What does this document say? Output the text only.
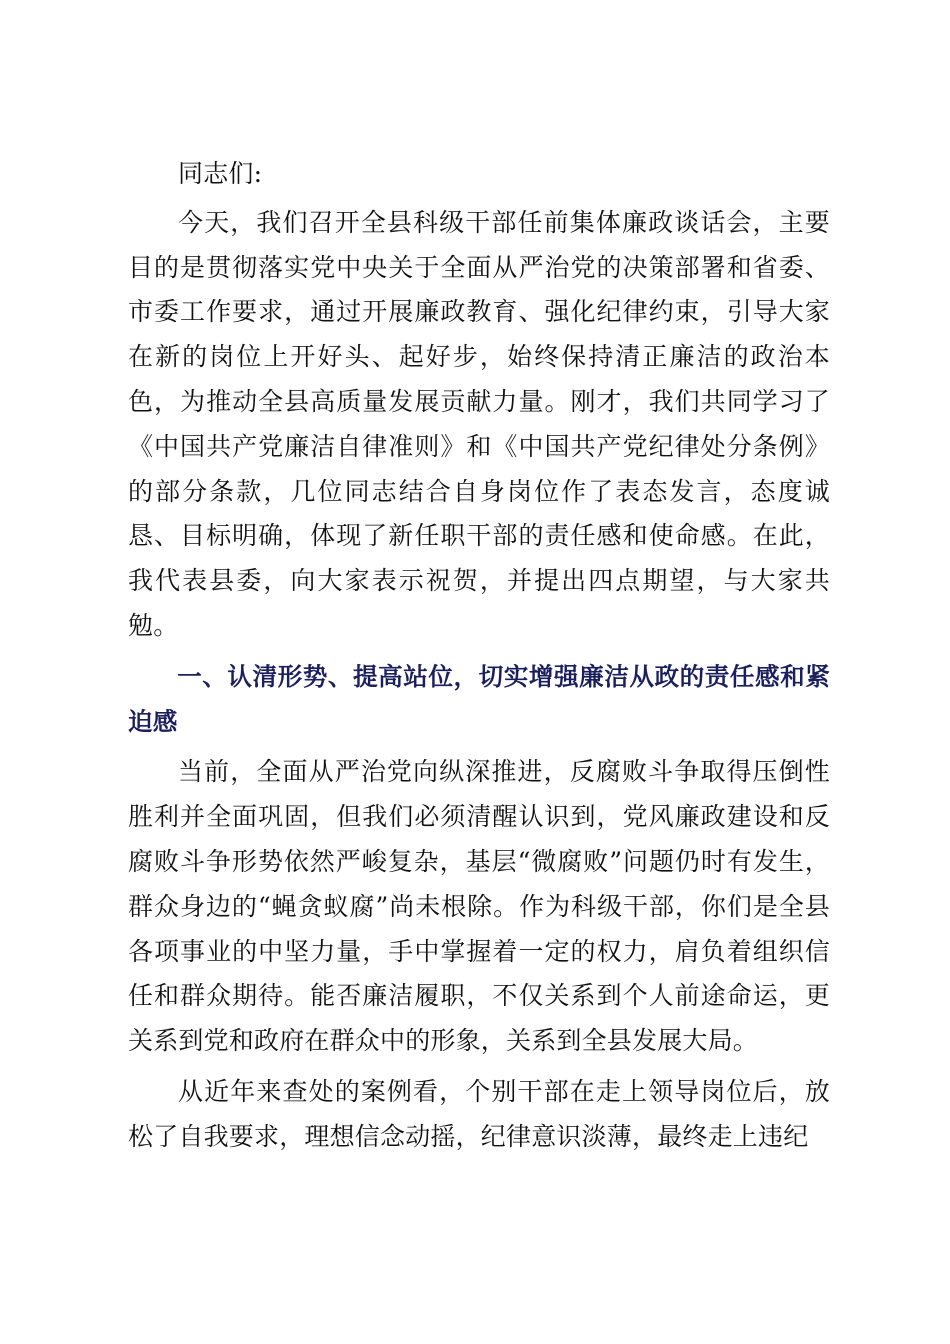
同志们:

今天，我们召开全县科级干部任前集体廉政谈话会，主要目的是贯彻落实党中央关于全面从严治党的决策部署和省委、市委工作要求，通过开展廉政教育、强化纪律约束，引导大家在新的岗位上开好头、起好步，始终保持清正廉洁的政治本色，为推动全县高质量发展贡献力量。刚才，我们共同学习了《中国共产党廉洁自律准则》和《中国共产党纪律处分条例》的部分条款，几位同志结合自身岗位作了表态发言，态度诚恳、目标明确，体现了新任职干部的责任感和使命感。在此，我代表县委，向大家表示祝贺，并提出四点期望，与大家共勉。

一、认清形势、提高站位，切实增强廉洁从政的责任感和紧迫感

当前，全面从严治党向纵深推进，反腐败斗争取得压倒性胜利并全面巩固，但我们必须清醒认识到，党风廉政建设和反腐败斗争形势依然严峻复杂，基层“微腐败”问题仍时有发生，群众身边的“蝇贪蚁腐”尚未根除。作为科级干部，你们是全县各项事业的中坚力量，手中掌握着一定的权力，肩负着组织信任和群众期待。能否廉洁履职，不仅关系到个人前途命运，更关系到党和政府在群众中的形象，关系到全县发展大局。

从近年来查处的案例看，个别干部在走上领导岗位后，放松了自我要求，理想信念动摇，纪律意识淡薄，最终走上违纪
